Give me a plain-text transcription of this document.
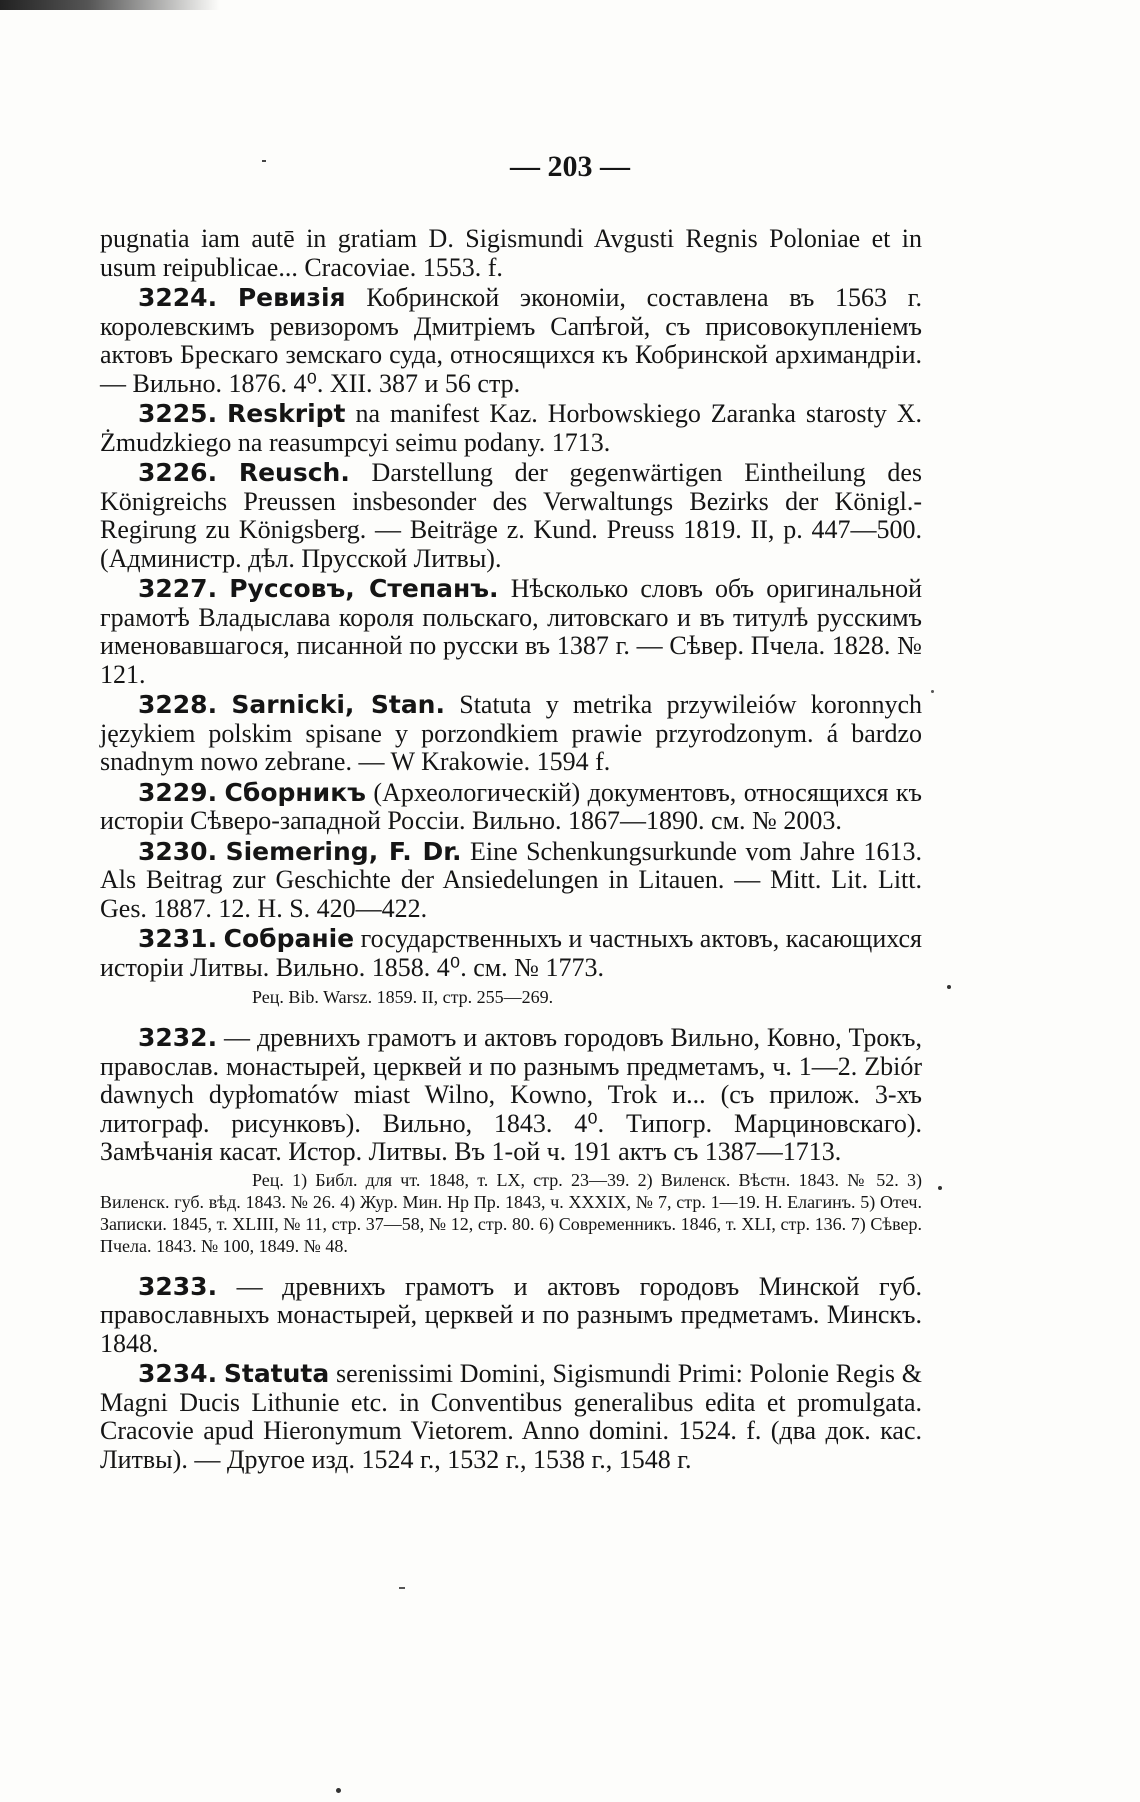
— 203 —

pugnatia iam autē in gratiam D. Sigismundi Avgusti Regnis Poloniae et in usum reipublicae... Cracoviae. 1553. f.

3224. Ревизія Кобринской экономіи, составлена въ 1563 г. королевскимъ ревизоромъ Дмитріемъ Сапѣгой, съ присовокупленіемъ актовъ Брескаго земскаго суда, относящихся къ Кобринской архимандріи. — Вильно. 1876. 4⁰. XII. 387 и 56 стр.

3225. Reskript na manifest Kaz. Horbowskiego Zaranka starosty X. Żmudzkiego na reasumpcyi seimu podany. 1713.

3226. Reusch. Darstellung der gegenwärtigen Eintheilung des Königreichs Preussen insbesonder des Verwaltungs Bezirks der Königl.-Regirung zu Königsberg. — Beiträge z. Kund. Preuss 1819. II, p. 447—500. (Администр. дѣл. Прусской Литвы).

3227. Руссовъ, Степанъ. Нѣсколько словъ объ оригинальной грамотѣ Владыслава короля польскаго, литовскаго и въ титулѣ русскимъ именовавшагося, писанной по русски въ 1387 г. — Сѣвер. Пчела. 1828. № 121.

3228. Sarnicki, Stan. Statuta y metrika przywileiów koronnych językiem polskim spisane y porzondkiem prawie przyrodzonym. á bardzo snadnym nowo zebrane. — W Krakowie. 1594 f.

3229. Сборникъ (Археологическій) документовъ, относящихся къ исторіи Сѣверо-западной Россіи. Вильно. 1867—1890. см. № 2003.

3230. Siemering, F. Dr. Eine Schenkungsurkunde vom Jahre 1613. Als Beitrag zur Geschichte der Ansiedelungen in Litauen. — Mitt. Lit. Litt. Ges. 1887. 12. H. S. 420—422.

3231. Собраніе государственныхъ и частныхъ актовъ, касающихся исторіи Литвы. Вильно. 1858. 4⁰. см. № 1773.

Рец. Bib. Warsz. 1859. II, стр. 255—269.

3232. — древнихъ грамотъ и актовъ городовъ Вильно, Ковно, Трокъ, православ. монастырей, церквей и по разнымъ предметамъ, ч. 1—2. Zbiór dawnych dypłomatów miast Wilno, Kowno, Trok и... (съ прилож. 3-хъ литограф. рисунковъ). Вильно, 1843. 4⁰. Типогр. Марциновскаго). Замѣчанія касат. Истор. Литвы. Въ 1-ой ч. 191 актъ съ 1387—1713.

Рец. 1) Библ. для чт. 1848, т. LX, стр. 23—39. 2) Виленск. Вѣстн. 1843. № 52. 3) Виленск. губ. вѣд. 1843. № 26. 4) Жур. Мин. Нр Пр. 1843, ч. XXXIX, № 7, стр. 1—19. Н. Елагинъ. 5) Отеч. Записки. 1845, т. XLIII, № 11, стр. 37—58, № 12, стр. 80. 6) Современникъ. 1846, т. XLI, стр. 136. 7) Сѣвер. Пчела. 1843. № 100, 1849. № 48.

3233. — древнихъ грамотъ и актовъ городовъ Минской губ. православныхъ монастырей, церквей и по разнымъ предметамъ. Минскъ. 1848.

3234. Statuta serenissimi Domini, Sigismundi Primi: Polonie Regis & Magni Ducis Lithunie etc. in Conventibus generalibus edita et promulgata. Cracovie apud Hieronymum Vietorem. Anno domini. 1524. f. (два док. кас. Литвы). — Другое изд. 1524 г., 1532 г., 1538 г., 1548 г.
